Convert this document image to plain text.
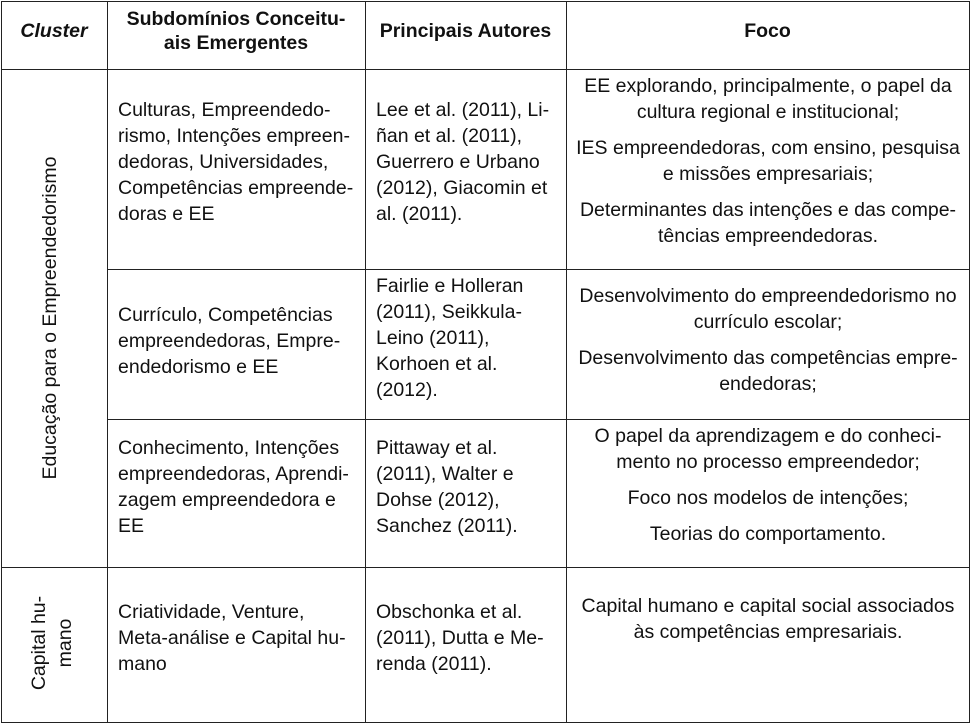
Cluster
Subdomínios Conceitu-
ais Emergentes
Principais Autores	Foco
Educação para o Empreendedorismo
Capital hu-
mano
Culturas, Empreendedo-
rismo, Intenções empreen-
dedoras, Universidades,
Competências empreende-
doras e EE
Lee et al. (2011), Li-
ñan et al. (2011),
Guerrero e Urbano
(2012), Giacomin et
al. (2011).

EE explorando, principalmente, o papel da
cultura regional e institucional;

IES empreendedoras, com ensino, pesquisa
e missões empresariais;

Determinantes das intenções e das compe-
tências empreendedoras.

Currículo, Competências
empreendedoras, Empre-
endedorismo e EE
Fairlie e Holleran
(2011), Seikkula-
Leino (2011),
Korhoen et al.
(2012).

Desenvolvimento do empreendedorismo no
currículo escolar;

Desenvolvimento das competências empre-
endedoras;

Conhecimento, Intenções
empreendedoras, Aprendi-
zagem empreendedora e
EE
Pittaway et al.
(2011), Walter e
Dohse (2012),
Sanchez (2011).

O papel da aprendizagem e do conheci-
mento no processo empreendedor;

Foco nos modelos de intenções;

Teorias do comportamento.

Criatividade, Venture,
Meta-análise e Capital hu-
mano
Obschonka et al.
(2011), Dutta e Me-
renda (2011).

Capital humano e capital social associados
às competências empresariais.
